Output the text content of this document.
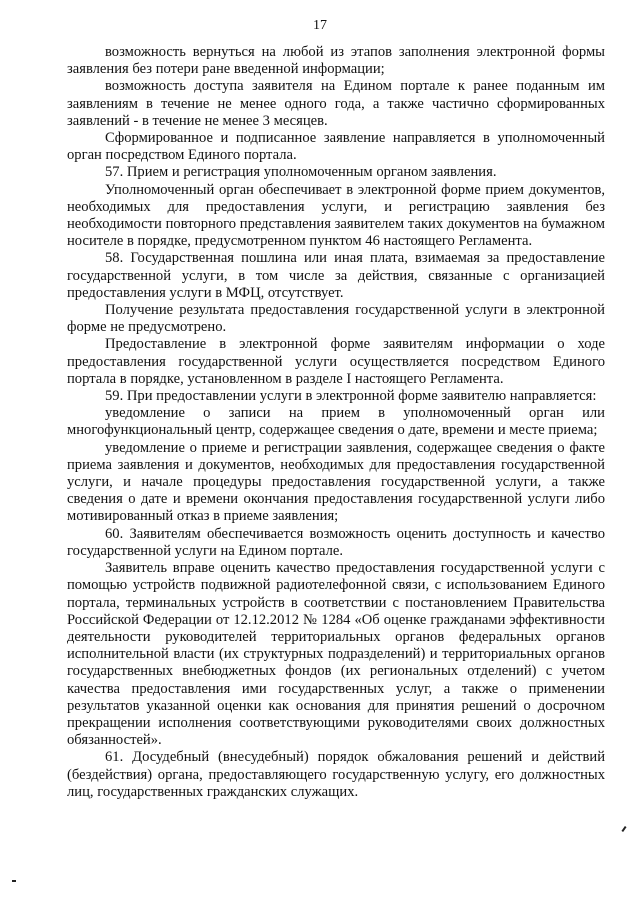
17

возможность вернуться на любой из этапов заполнения электронной формы заявления без потери ране введенной информации;

возможность доступа заявителя на Едином портале к ранее поданным им заявлениям в течение не менее одного года, а также частично сформированных заявлений - в течение не менее 3 месяцев.

Сформированное и подписанное заявление направляется в уполномоченный орган посредством Единого портала.

57. Прием и регистрация уполномоченным органом заявления.

Уполномоченный орган обеспечивает в электронной форме прием документов, необходимых для предоставления услуги, и регистрацию заявления без необходимости повторного представления заявителем таких документов на бумажном носителе в порядке, предусмотренном пунктом 46 настоящего Регламента.

58. Государственная пошлина или иная плата, взимаемая за предоставление государственной услуги, в том числе за действия, связанные с организацией предоставления услуги в МФЦ, отсутствует.

Получение результата предоставления государственной услуги в электронной форме не предусмотрено.

Предоставление в электронной форме заявителям информации о ходе предоставления государственной услуги осуществляется посредством Единого портала в порядке, установленном в разделе I настоящего Регламента.

59. При предоставлении услуги в электронной форме заявителю направляется:

уведомление о записи на прием в уполномоченный орган или многофункциональный центр, содержащее сведения о дате, времени и месте приема;

уведомление о приеме и регистрации заявления, содержащее сведения о факте приема заявления и документов, необходимых для предоставления государственной услуги, и начале процедуры предоставления государственной услуги, а также сведения о дате и времени окончания предоставления государственной услуги либо мотивированный отказ в приеме заявления;

60. Заявителям обеспечивается возможность оценить доступность и качество государственной услуги на Едином портале.

Заявитель вправе оценить качество предоставления государственной услуги с помощью устройств подвижной радиотелефонной связи, с использованием Единого портала, терминальных устройств в соответствии с постановлением Правительства Российской Федерации от 12.12.2012 № 1284 «Об оценке гражданами эффективности деятельности руководителей территориальных органов федеральных органов исполнительной власти (их структурных подразделений) и территориальных органов государственных внебюджетных фондов (их региональных отделений) с учетом качества предоставления ими государственных услуг, а также о применении результатов указанной оценки как основания для принятия решений о досрочном прекращении исполнения соответствующими руководителями своих должностных обязанностей».

61. Досудебный (внесудебный) порядок обжалования решений и действий (бездействия) органа, предоставляющего государственную услугу, его должностных лиц, государственных гражданских служащих.
